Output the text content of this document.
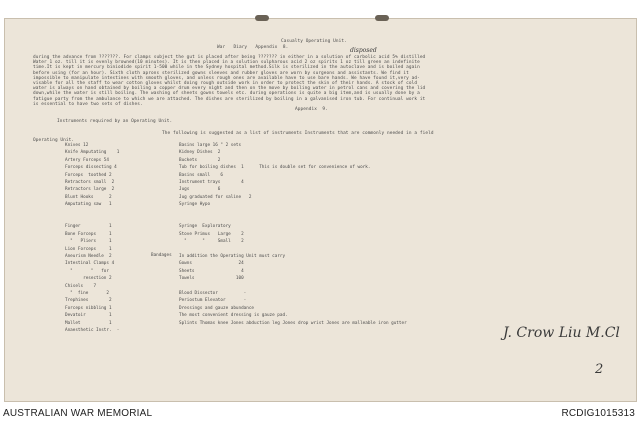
Casualty Operating Unit.
War   Diary   Appendix  8.	disposed
during the advance from ???????. For clamps subject the gut is placed after being ??????? in either in a solution of carbolic acid 5% distilled
Water 1 oz. till it is evenly browned(10 minutes). It is then placed in a solution sulpharous acid 2 oz spirits 1 oz till green an indefinite
time.It is kept in mercury biniodide spirit 1-500 while in the Sydney hospital method.Silk is sterilized in the autoclave and is boiled again
before using (for an hour). Sixth cloth aprons sterilized gowns sleeves and rubber gloves are worn by surgeons and assistants. We find it
impossible to manipulate intestines with smooth gloves, and unless rough ones are available have to use bare hands. We have found it,very ad-
visable for all the staff to wear cotton gloves whilst doing rough outside work in order to protect the skin of their hands. A stock of cold
water is always on hand obtained by boiling a copper drum every night and then on the move by boiling water in petrol cans and covering the lid
down,while the water is still boiling. The washing of sheets gowns towels etc. during operations is quite a big item,and is usually done by a
fatigue party from the ambulance to which we are attached. The dishes are sterilized by boiling in a galvanised iron tub. For continual work it
is essential to have two sets of dishes.
Appendix  9.
Instruments required by an Operating Unit.
The following is suggested as a list of instruments Instruments that are commonly needed in a field
Operating Unit.
Knives 12
Knife Amputating    1
Artery Forceps 54
Forceps dissecting 4
Forceps  toothed 2
Retractors small  2
Retractors large  2
Blunt Hooks      2
Amputating saw   1
Finger           1
Bone Forceps     1
"   Pliers     1
Lion Forceps     1
Aneurism Needle  2
Intestinal Clamps 4
"       "   for
resection 2
Chisels    7
"  fine       2
Trephines        2
Forceps nibbling 1
Devatoir         1
Mallet           1
Anaesthetic Instr.  -
Basins large 16 " 2 sets
Kidney Dishes  2
Buckets        2
Tub for boiling dishes  1      This is double set for convenience of work.
Basins small    6
Instrument trays        4
Jugs           6
Jug graduated for saline   2
Syringe Hypo
Syringe  Exploratory
Stove Primus   Large    2
"      "     Small    2
In addition the Operating Unit must carry
Gowns                  24
Sheets                  4
Towels                100
Blood Dissector          -
Periostum Elevator       -
Dressings and gauze abundance
The most convenient dressing is gauze pad.
Splints Thomas knee Jones abduction leg Jones drop wrist Jones are malleable iron gutter
Bandages
J. Crow Liu M.Cl
2
AUSTRALIAN WAR MEMORIAL	RCDIG1015313
